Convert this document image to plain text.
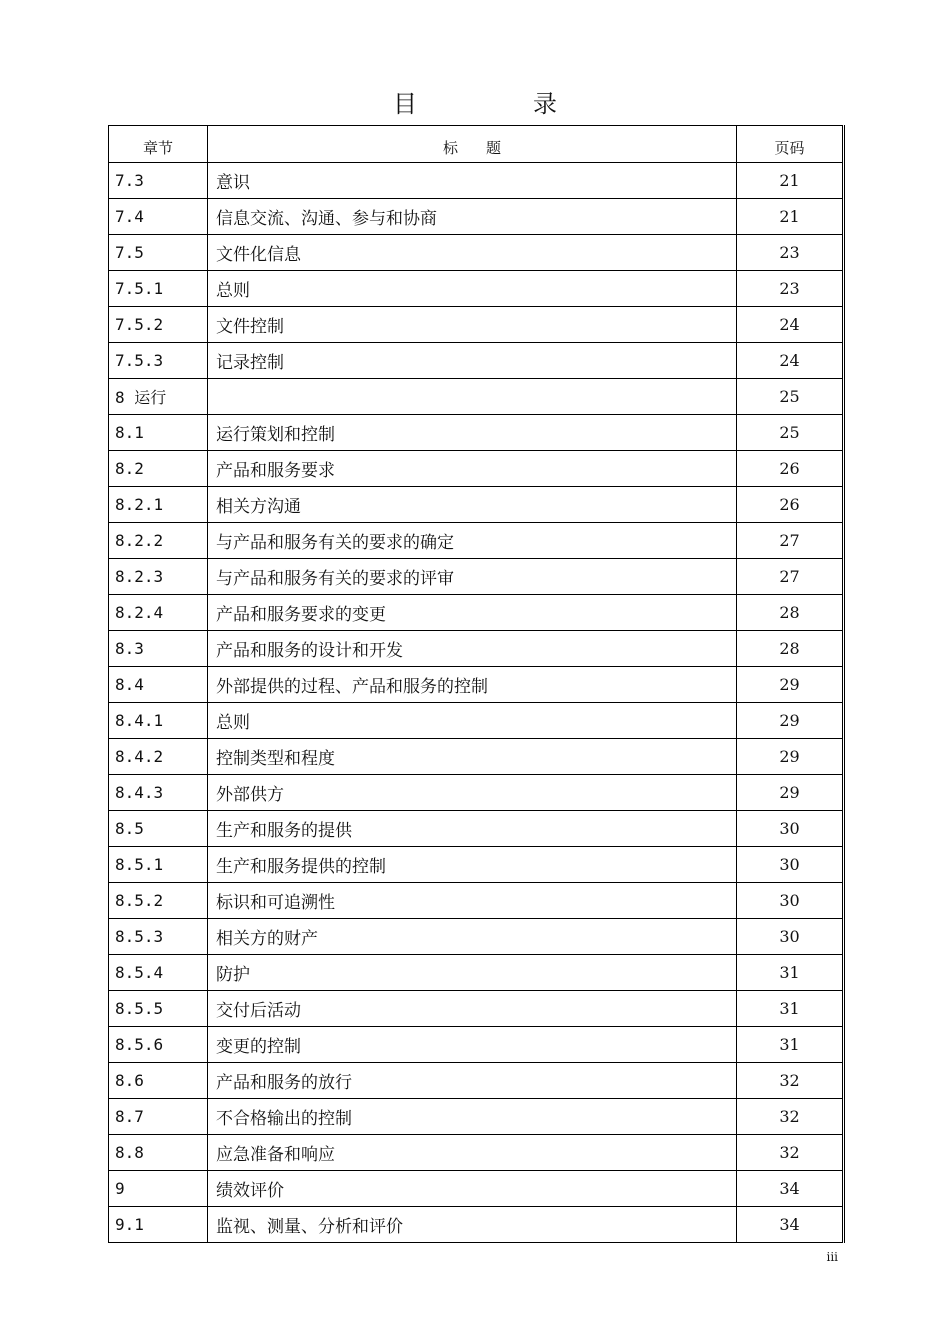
目　录
章节	标题	页码
7.3	意识	21
7.4	信息交流、沟通、参与和协商	21
7.5	文件化信息	23
7.5.1	总则	23
7.5.2	文件控制	24
7.5.3	记录控制	24
8 运行		25
8.1	运行策划和控制	25
8.2	产品和服务要求	26
8.2.1	相关方沟通	26
8.2.2	与产品和服务有关的要求的确定	27
8.2.3	与产品和服务有关的要求的评审	27
8.2.4	产品和服务要求的变更	28
8.3	产品和服务的设计和开发	28
8.4	外部提供的过程、产品和服务的控制	29
8.4.1	总则	29
8.4.2	控制类型和程度	29
8.4.3	外部供方	29
8.5	生产和服务的提供	30
8.5.1	生产和服务提供的控制	30
8.5.2	标识和可追溯性	30
8.5.3	相关方的财产	30
8.5.4	防护	31
8.5.5	交付后活动	31
8.5.6	变更的控制	31
8.6	产品和服务的放行	32
8.7	不合格输出的控制	32
8.8	应急准备和响应	32
9	绩效评价	34
9.1	监视、测量、分析和评价	34
iii
